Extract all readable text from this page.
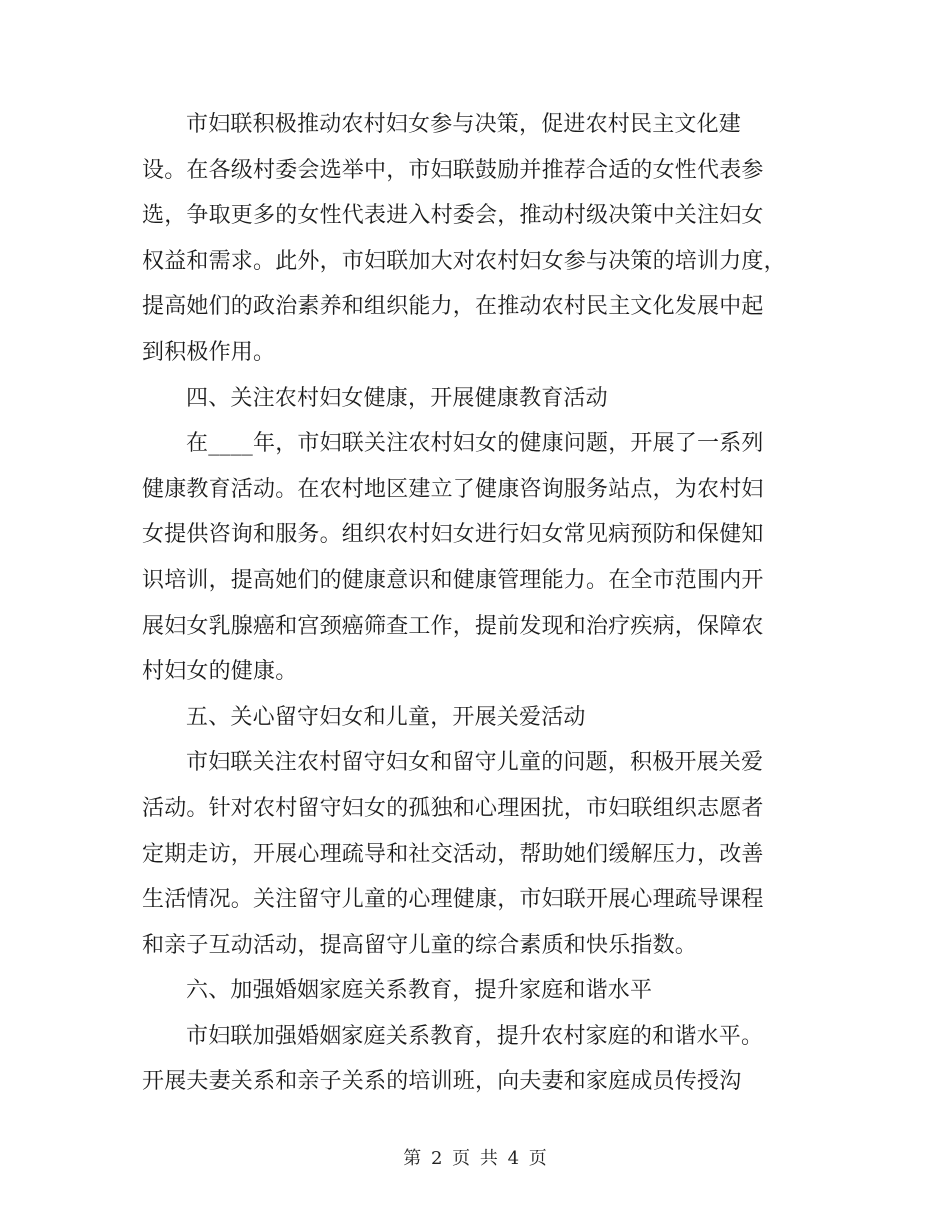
市妇联积极推动农村妇女参与决策，促进农村民主文化建
设。在各级村委会选举中，市妇联鼓励并推荐合适的女性代表参
选，争取更多的女性代表进入村委会，推动村级决策中关注妇女
权益和需求。此外，市妇联加大对农村妇女参与决策的培训力度，
提高她们的政治素养和组织能力，在推动农村民主文化发展中起
到积极作用。
四、关注农村妇女健康，开展健康教育活动
在____年，市妇联关注农村妇女的健康问题，开展了一系列
健康教育活动。在农村地区建立了健康咨询服务站点，为农村妇
女提供咨询和服务。组织农村妇女进行妇女常见病预防和保健知
识培训，提高她们的健康意识和健康管理能力。在全市范围内开
展妇女乳腺癌和宫颈癌筛查工作，提前发现和治疗疾病，保障农
村妇女的健康。
五、关心留守妇女和儿童，开展关爱活动
市妇联关注农村留守妇女和留守儿童的问题，积极开展关爱
活动。针对农村留守妇女的孤独和心理困扰，市妇联组织志愿者
定期走访，开展心理疏导和社交活动，帮助她们缓解压力，改善
生活情况。关注留守儿童的心理健康，市妇联开展心理疏导课程
和亲子互动活动，提高留守儿童的综合素质和快乐指数。
六、加强婚姻家庭关系教育，提升家庭和谐水平
市妇联加强婚姻家庭关系教育，提升农村家庭的和谐水平。
开展夫妻关系和亲子关系的培训班，向夫妻和家庭成员传授沟
第 2 页 共 4 页
